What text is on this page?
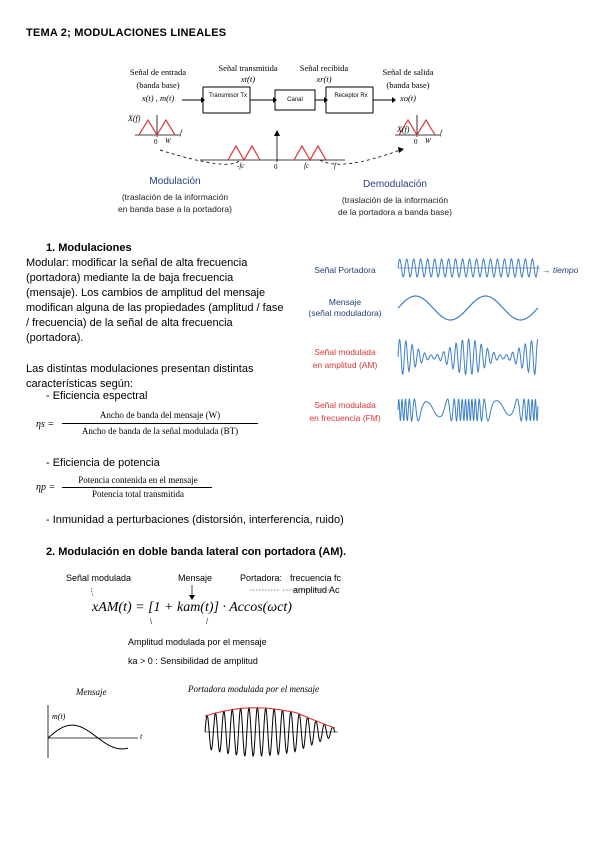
TEMA 2; MODULACIONES LINEALES
Señal de entrada
(banda base)
x(t) , m(t)
Señal transmitida
xt(t)
Señal recibida
xr(t)
Señal de salida
(banda base)
xo(t)
Transmisor Tx
Canal
Receptor Rx
X(f)
X(f)
f
0 W
f
0 W
-fc	0	fc	f
Modulación
(traslación de la información
en banda base a la portadora)
Demodulación
(traslación de la información
de la portadora a banda base)
1. Modulaciones
Modular: modificar la señal de alta frecuencia
(portadora) mediante la de baja frecuencia
(mensaje). Los cambios de amplitud del mensaje
modifican alguna de las propiedades (amplitud / fase
/ frecuencia) de la señal de alta frecuencia
(portadora).
Las distintas modulaciones presentan distintas
características según:
- Eficiencia espectral
ηs =
Ancho de banda del mensaje (W)
Ancho de banda de la señal modulada (BT)
- Eficiencia de potencia
ηp =
Potencia contenida en el mensaje
Potencia total transmitida
- Inmunidad a perturbaciones (distorsión, interferencia, ruido)
Señal Portadora	→ tiempo
Mensaje
(señal moduladora)
Señal modulada
en amplitud (AM)
Señal modulada
en frecuencia (FM)
2. Modulación en doble banda lateral con portadora (AM).
Señal modulada	Mensaje	Portadora: frecuencia fc
amplitud Ac
xAM(t) = [1 + kam(t)] · Accos(ωct)
Amplitud modulada por el mensaje
ka > 0 : Sensibilidad de amplitud
Mensaje
m(t)
t
Portadora modulada por el mensaje
